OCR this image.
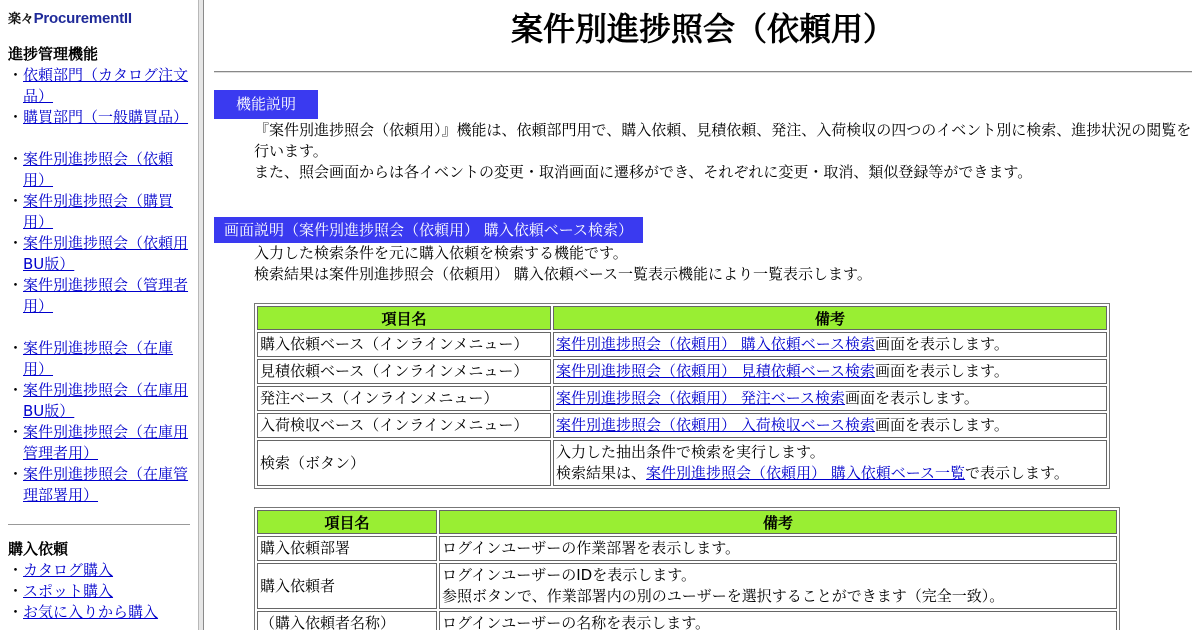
楽々ProcurementII
進捗管理機能
・依頼部門（カタログ注文品）
・購買部門（一般購買品）
・案件別進捗照会（依頼用）
・案件別進捗照会（購買用）
・案件別進捗照会（依頼用 BU版）
・案件別進捗照会（管理者用）
・案件別進捗照会（在庫用）
・案件別進捗照会（在庫用 BU版）
・案件別進捗照会（在庫用 管理者用）
・案件別進捗照会（在庫管理部署用）
購入依頼
・カタログ購入
・スポット購入
・お気に入りから購入
案件別進捗照会（依頼用）
機能説明

『案件別進捗照会（依頼用）』機能は、依頼部門用で、購入依頼、見積依頼、発注、入荷検収の四つのイベント別に検索、進捗状況の閲覧を行います。

また、照会画面からは各イベントの変更・取消画面に遷移ができ、それぞれに変更・取消、類似登録等ができます。

画面説明（案件別進捗照会（依頼用） 購入依頼ベース検索）

入力した検索条件を元に購入依頼を検索する機能です。

検索結果は案件別進捗照会（依頼用） 購入依頼ベース一覧表示機能により一覧表示します。

項目名	備考
購入依頼ベース（インラインメニュー）	案件別進捗照会（依頼用） 購入依頼ベース検索画面を表示します。
見積依頼ベース（インラインメニュー）	案件別進捗照会（依頼用） 見積依頼ベース検索画面を表示します。
発注ベース（インラインメニュー）	案件別進捗照会（依頼用） 発注ベース検索画面を表示します。
入荷検収ベース（インラインメニュー）	案件別進捗照会（依頼用） 入荷検収ベース検索画面を表示します。
検索（ボタン）	入力した抽出条件で検索を実行します。
検索結果は、案件別進捗照会（依頼用） 購入依頼ベース一覧で表示します。
項目名	備考
購入依頼部署	ログインユーザーの作業部署を表示します。
購入依頼者	ログインユーザーのIDを表示します。
参照ボタンで、作業部署内の別のユーザーを選択することができます（完全一致）。
（購入依頼者名称）	ログインユーザーの名称を表示します。
